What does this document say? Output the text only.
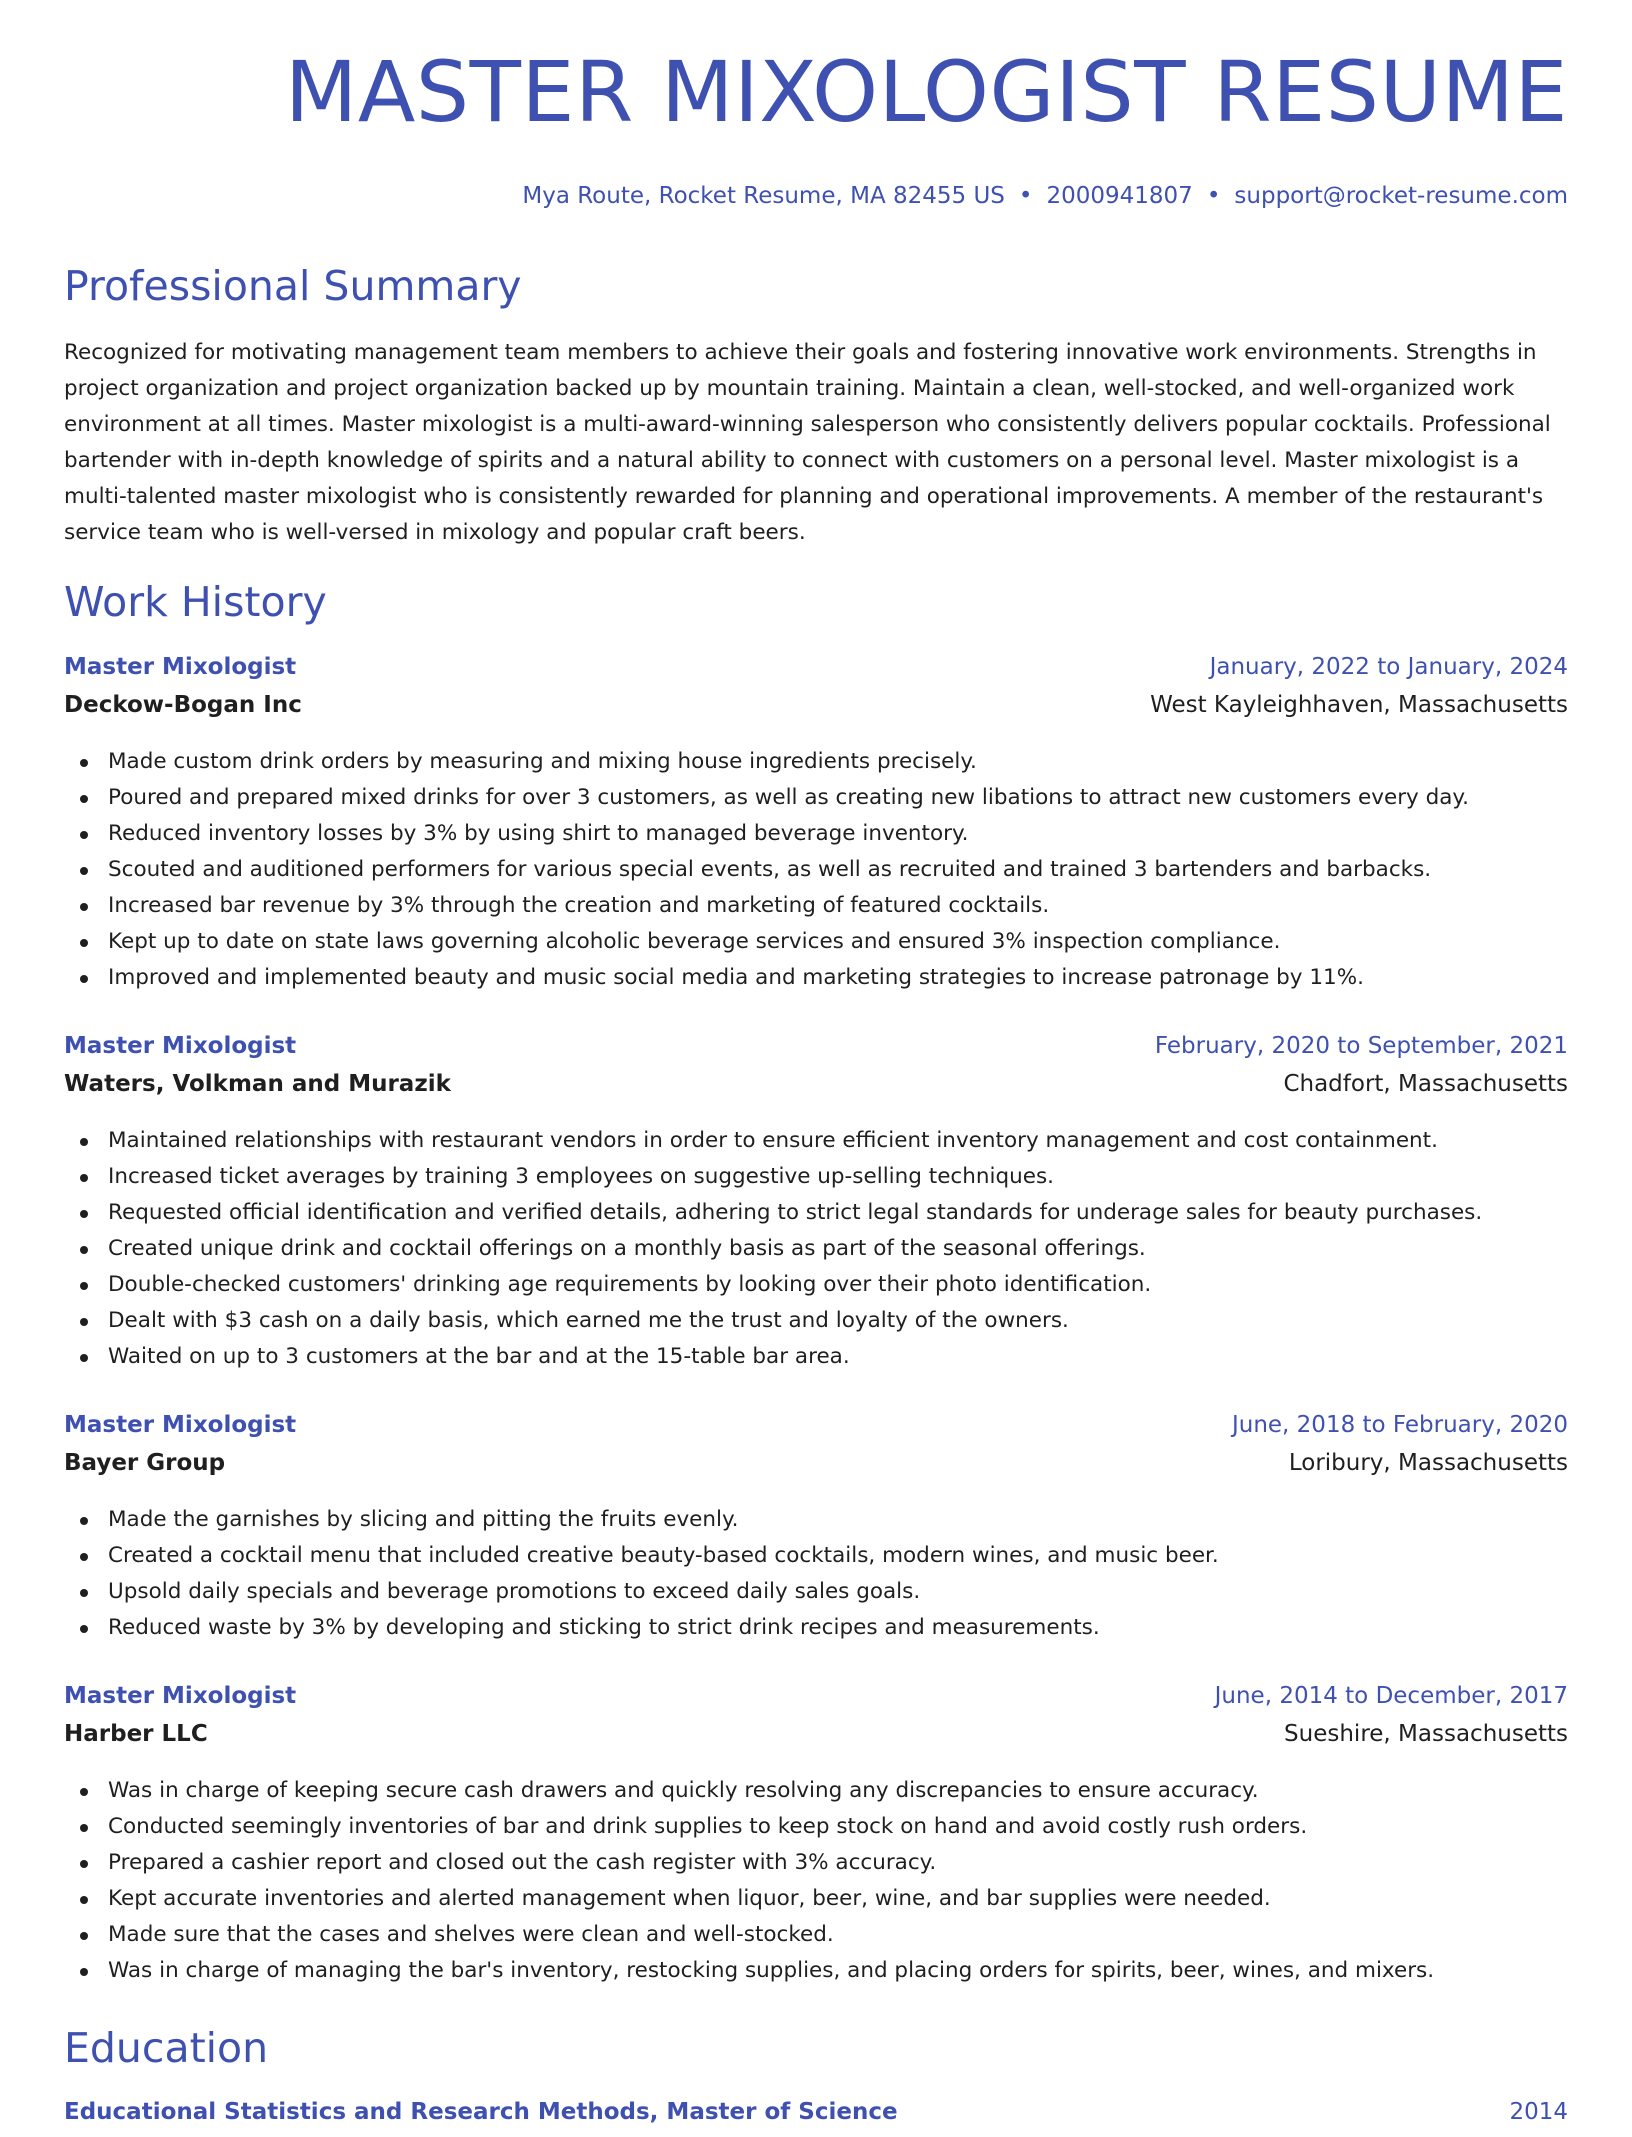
MASTER MIXOLOGIST RESUME
Mya Route, Rocket Resume, MA 82455 US • 2000941807 • support@rocket-resume.com
Professional Summary

Recognized for motivating management team members to achieve their goals and fostering innovative work environments. Strengths in project organization and project organization backed up by mountain training. Maintain a clean, well-stocked, and well-organized work environment at all times. Master mixologist is a multi-award-winning salesperson who consistently delivers popular cocktails. Professional bartender with in-depth knowledge of spirits and a natural ability to connect with customers on a personal level. Master mixologist is a multi-talented master mixologist who is consistently rewarded for planning and operational improvements. A member of the restaurant's service team who is well-versed in mixology and popular craft beers.

Work History
Master Mixologist	January, 2022 to January, 2024
Deckow-Bogan Inc	West Kayleighhaven, Massachusetts
Made custom drink orders by measuring and mixing house ingredients precisely.
Poured and prepared mixed drinks for over 3 customers, as well as creating new libations to attract new customers every day.
Reduced inventory losses by 3% by using shirt to managed beverage inventory.
Scouted and auditioned performers for various special events, as well as recruited and trained 3 bartenders and barbacks.
Increased bar revenue by 3% through the creation and marketing of featured cocktails.
Kept up to date on state laws governing alcoholic beverage services and ensured 3% inspection compliance.
Improved and implemented beauty and music social media and marketing strategies to increase patronage by 11%.
Master Mixologist	February, 2020 to September, 2021
Waters, Volkman and Murazik	Chadfort, Massachusetts
Maintained relationships with restaurant vendors in order to ensure efficient inventory management and cost containment.
Increased ticket averages by training 3 employees on suggestive up-selling techniques.
Requested official identification and verified details, adhering to strict legal standards for underage sales for beauty purchases.
Created unique drink and cocktail offerings on a monthly basis as part of the seasonal offerings.
Double-checked customers' drinking age requirements by looking over their photo identification.
Dealt with $3 cash on a daily basis, which earned me the trust and loyalty of the owners.
Waited on up to 3 customers at the bar and at the 15-table bar area.
Master Mixologist	June, 2018 to February, 2020
Bayer Group	Loribury, Massachusetts
Made the garnishes by slicing and pitting the fruits evenly.
Created a cocktail menu that included creative beauty-based cocktails, modern wines, and music beer.
Upsold daily specials and beverage promotions to exceed daily sales goals.
Reduced waste by 3% by developing and sticking to strict drink recipes and measurements.
Master Mixologist	June, 2014 to December, 2017
Harber LLC	Sueshire, Massachusetts
Was in charge of keeping secure cash drawers and quickly resolving any discrepancies to ensure accuracy.
Conducted seemingly inventories of bar and drink supplies to keep stock on hand and avoid costly rush orders.
Prepared a cashier report and closed out the cash register with 3% accuracy.
Kept accurate inventories and alerted management when liquor, beer, wine, and bar supplies were needed.
Made sure that the cases and shelves were clean and well-stocked.
Was in charge of managing the bar's inventory, restocking supplies, and placing orders for spirits, beer, wines, and mixers.
Education
Educational Statistics and Research Methods, Master of Science	2014
